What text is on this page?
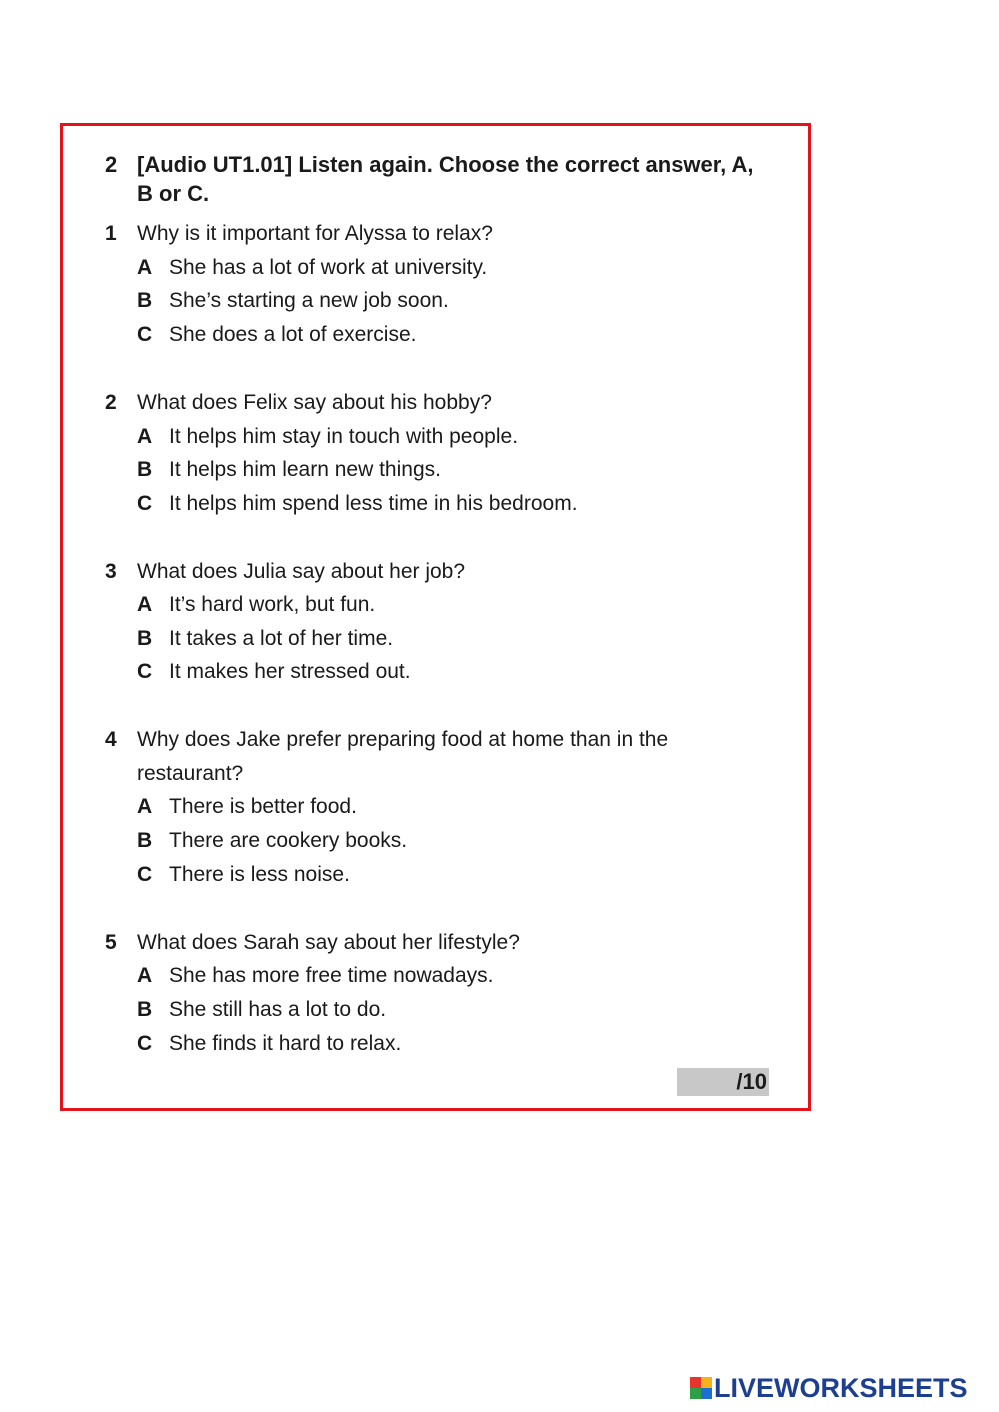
2 [Audio UT1.01] Listen again. Choose the correct answer, A, B or C.
1 Why is it important for Alyssa to relax?
A She has a lot of work at university.
B She’s starting a new job soon.
C She does a lot of exercise.
2 What does Felix say about his hobby?
A It helps him stay in touch with people.
B It helps him learn new things.
C It helps him spend less time in his bedroom.
3 What does Julia say about her job?
A It’s hard work, but fun.
B It takes a lot of her time.
C It makes her stressed out.
4 Why does Jake prefer preparing food at home than in the restaurant?
A There is better food.
B There are cookery books.
C There is less noise.
5 What does Sarah say about her lifestyle?
A She has more free time nowadays.
B She still has a lot to do.
C She finds it hard to relax.
/10
LIVEWORKSHEETS
